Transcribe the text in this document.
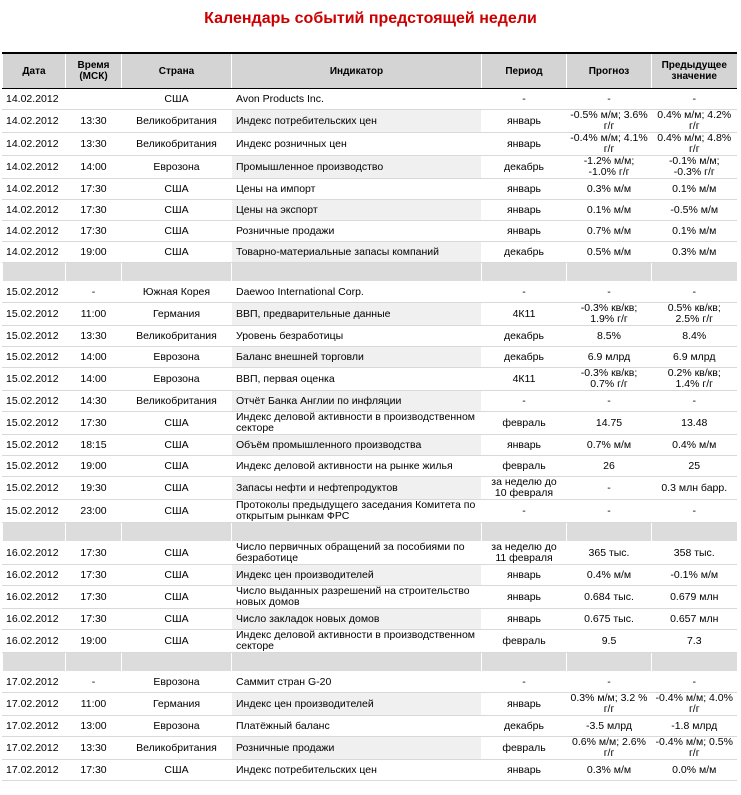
Календарь событий предстоящей недели
Дата	Время (МСК)	Страна	Индикатор	Период	Прогноз	Предыдущее значение
14.02.2012		США	Avon Products Inc.	-	-	-
14.02.2012	13:30	Великобритания	Индекс потребительских цен	январь	-0.5% м/м; 3.6% г/г	0.4% м/м; 4.2% г/г
14.02.2012	13:30	Великобритания	Индекс розничных цен	январь	-0.4% м/м; 4.1% г/г	0.4% м/м; 4.8% г/г
14.02.2012	14:00	Еврозона	Промышленное производство	декабрь	-1.2% м/м; -1.0% г/г	-0.1% м/м; -0.3% г/г
14.02.2012	17:30	США	Цены на импорт	январь	0.3% м/м	0.1% м/м
14.02.2012	17:30	США	Цены на экспорт	январь	0.1% м/м	-0.5% м/м
14.02.2012	17:30	США	Розничные продажи	январь	0.7% м/м	0.1% м/м
14.02.2012	19:00	США	Товарно-материальные запасы компаний	декабрь	0.5% м/м	0.3% м/м

15.02.2012	-	Южная Корея	Daewoo International Corp.	-	-	-
15.02.2012	11:00	Германия	ВВП, предварительные данные	4К11	-0.3% кв/кв; 1.9% г/г	0.5% кв/кв; 2.5% г/г
15.02.2012	13:30	Великобритания	Уровень безработицы	декабрь	8.5%	8.4%
15.02.2012	14:00	Еврозона	Баланс внешней торговли	декабрь	6.9 млрд	6.9 млрд
15.02.2012	14:00	Еврозона	ВВП, первая оценка	4К11	-0.3% кв/кв; 0.7% г/г	0.2% кв/кв; 1.4% г/г
15.02.2012	14:30	Великобритания	Отчёт Банка Англии по инфляции	-	-	-
15.02.2012	17:30	США	Индекс деловой активности в производственном секторе	февраль	14.75	13.48
15.02.2012	18:15	США	Объём промышленного производства	январь	0.7% м/м	0.4% м/м
15.02.2012	19:00	США	Индекс деловой активности на рынке жилья	февраль	26	25
15.02.2012	19:30	США	Запасы нефти и нефтепродуктов	за неделю до 10 февраля	-	0.3 млн барр.
15.02.2012	23:00	США	Протоколы предыдущего заседания Комитета по открытым рынкам ФРС	-	-	-

16.02.2012	17:30	США	Число первичных обращений за пособиями по безработице	за неделю до 11 февраля	365 тыс.	358 тыс.
16.02.2012	17:30	США	Индекс цен производителей	январь	0.4% м/м	-0.1% м/м
16.02.2012	17:30	США	Число выданных разрешений на строительство новых домов	январь	0.684 тыс.	0.679 млн
16.02.2012	17:30	США	Число закладок новых домов	январь	0.675 тыс.	0.657 млн
16.02.2012	19:00	США	Индекс деловой активности в производственном секторе	февраль	9.5	7.3

17.02.2012	-	Еврозона	Саммит стран G-20	-	-	-
17.02.2012	11:00	Германия	Индекс цен производителей	январь	0.3% м/м; 3.2 % г/г	-0.4% м/м; 4.0% г/г
17.02.2012	13:00	Еврозона	Платёжный баланс	декабрь	-3.5 млрд	-1.8 млрд
17.02.2012	13:30	Великобритания	Розничные продажи	февраль	0.6% м/м; 2.6% г/г	-0.4% м/м; 0.5% г/г
17.02.2012	17:30	США	Индекс потребительских цен	январь	0.3% м/м	0.0% м/м
